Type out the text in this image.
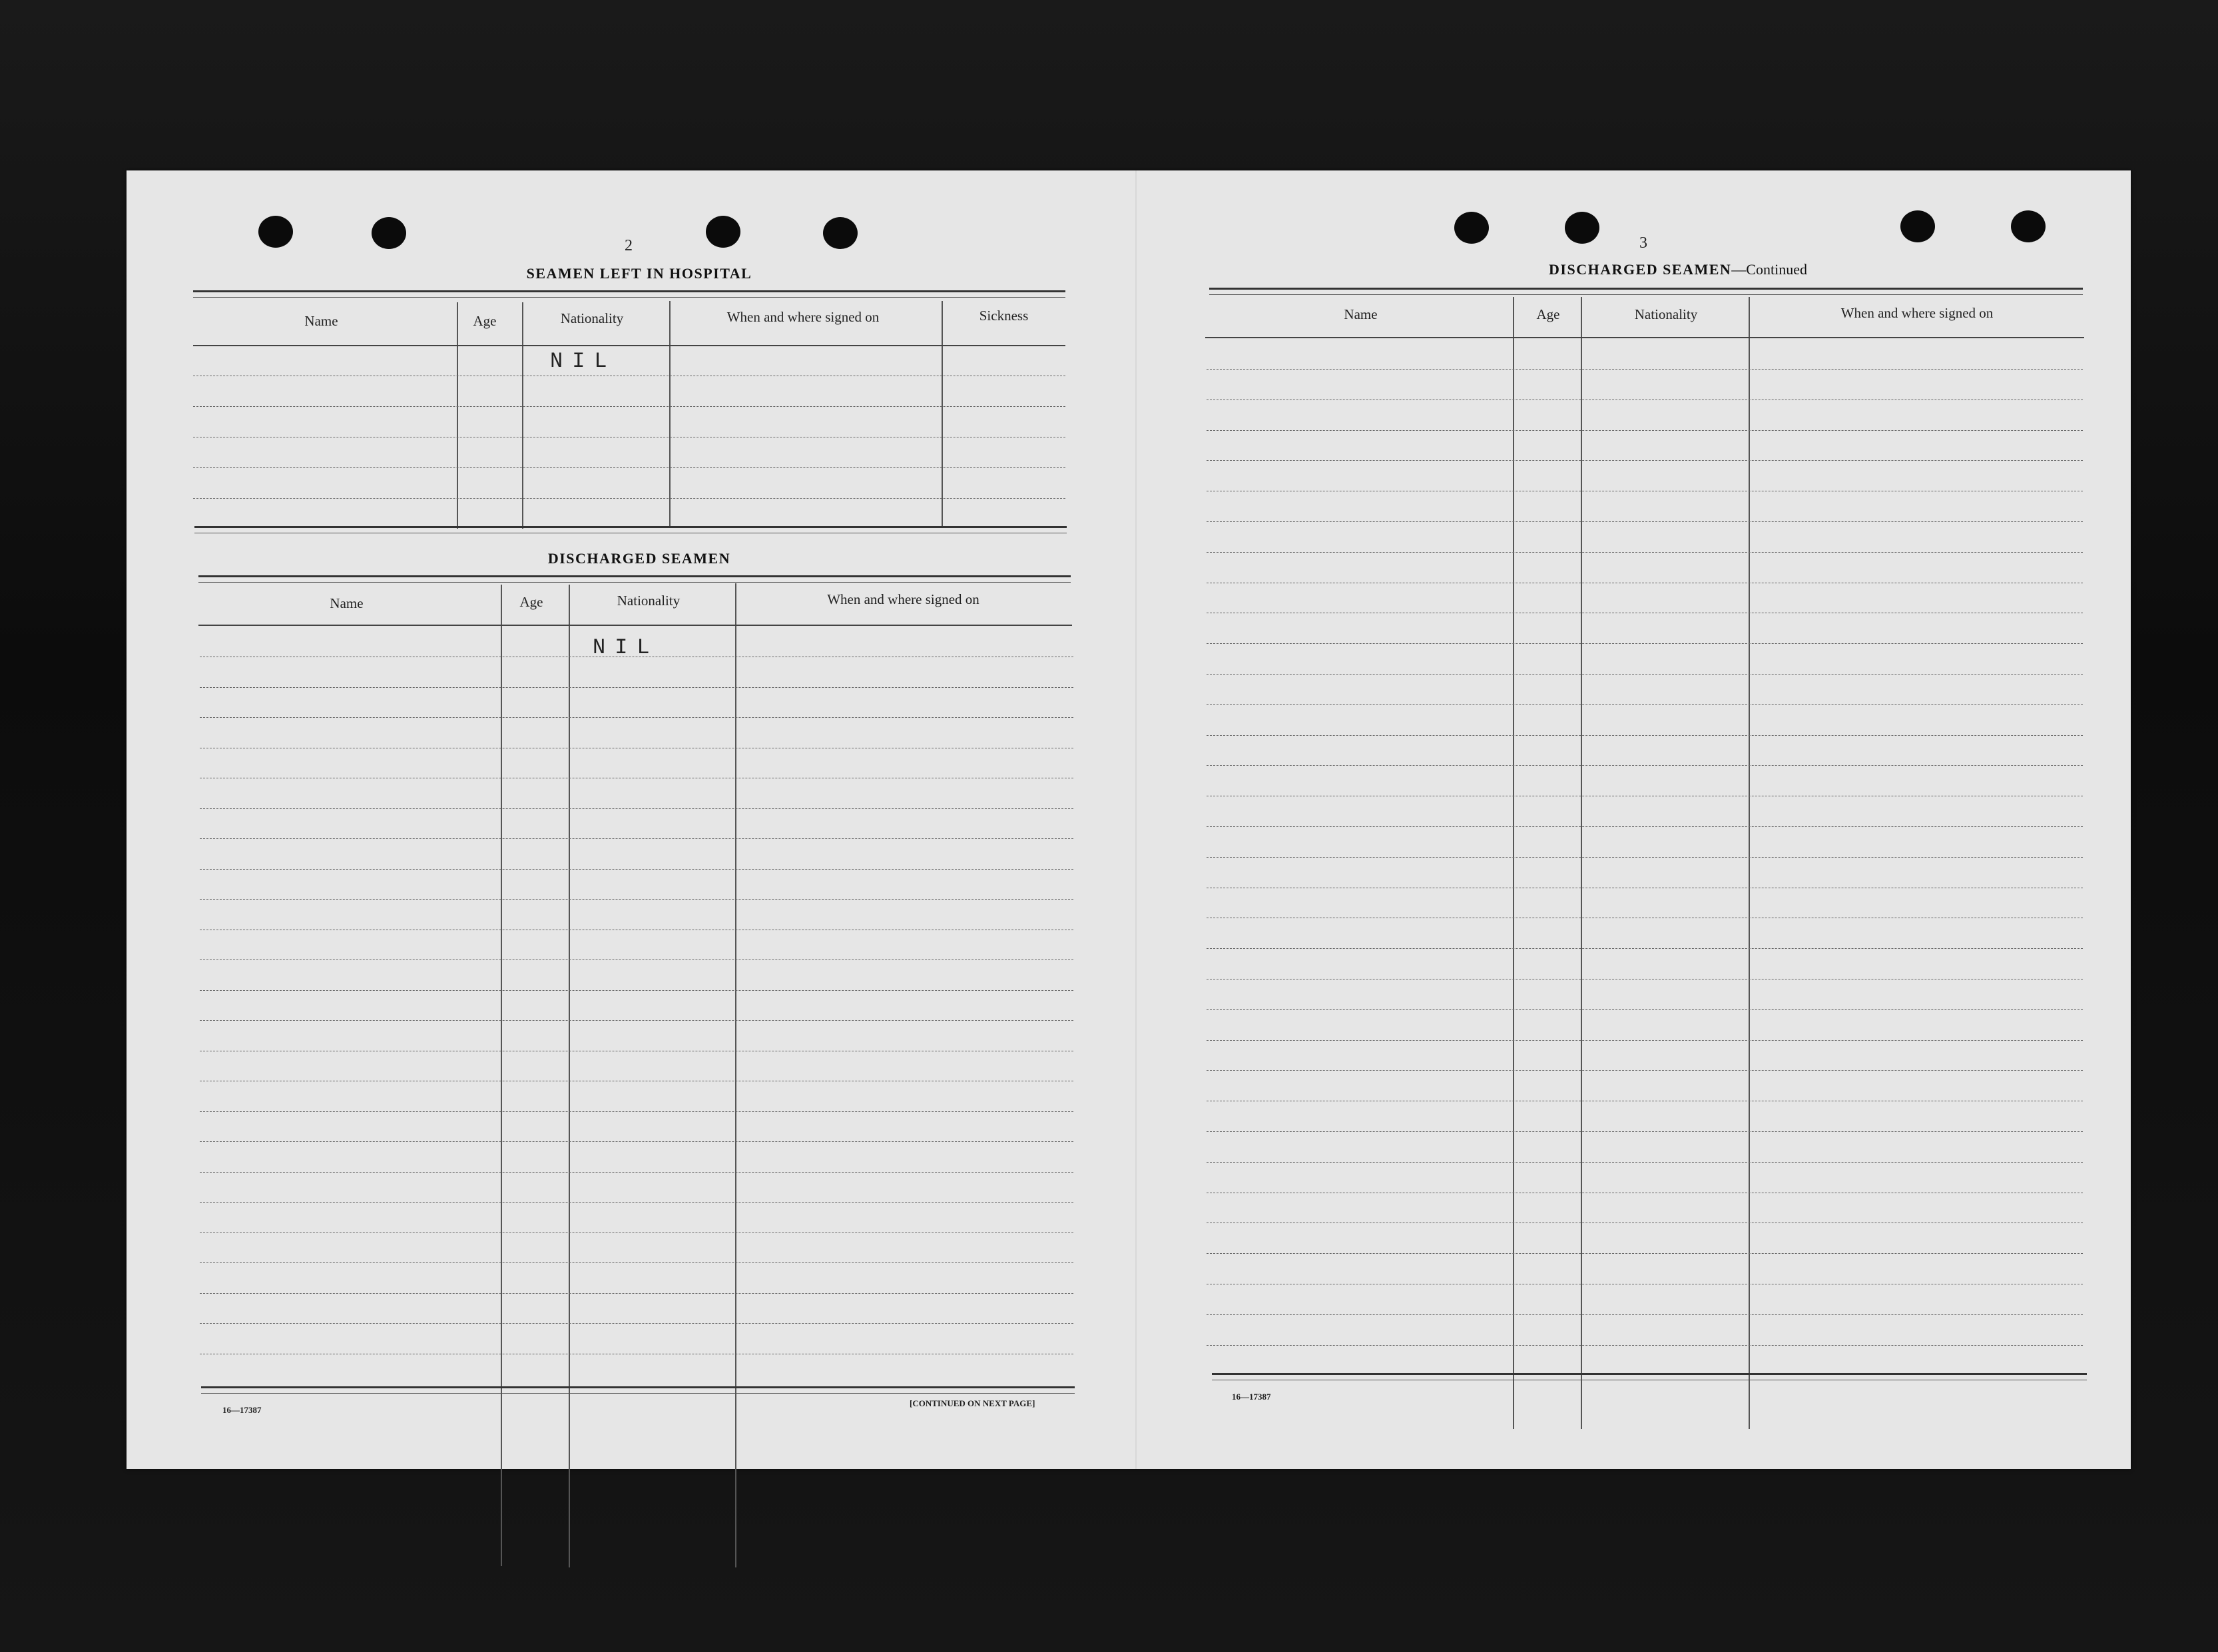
2
SEAMEN LEFT IN HOSPITAL
Name	Age	Nationality	When and where signed on	Sickness
NIL
DISCHARGED SEAMEN
Name	Age	Nationality	When and where signed on
NIL
16—17387
[CONTINUED ON NEXT PAGE]
3
DISCHARGED SEAMEN—Continued
Name	Age	Nationality	When and where signed on
16—17387
